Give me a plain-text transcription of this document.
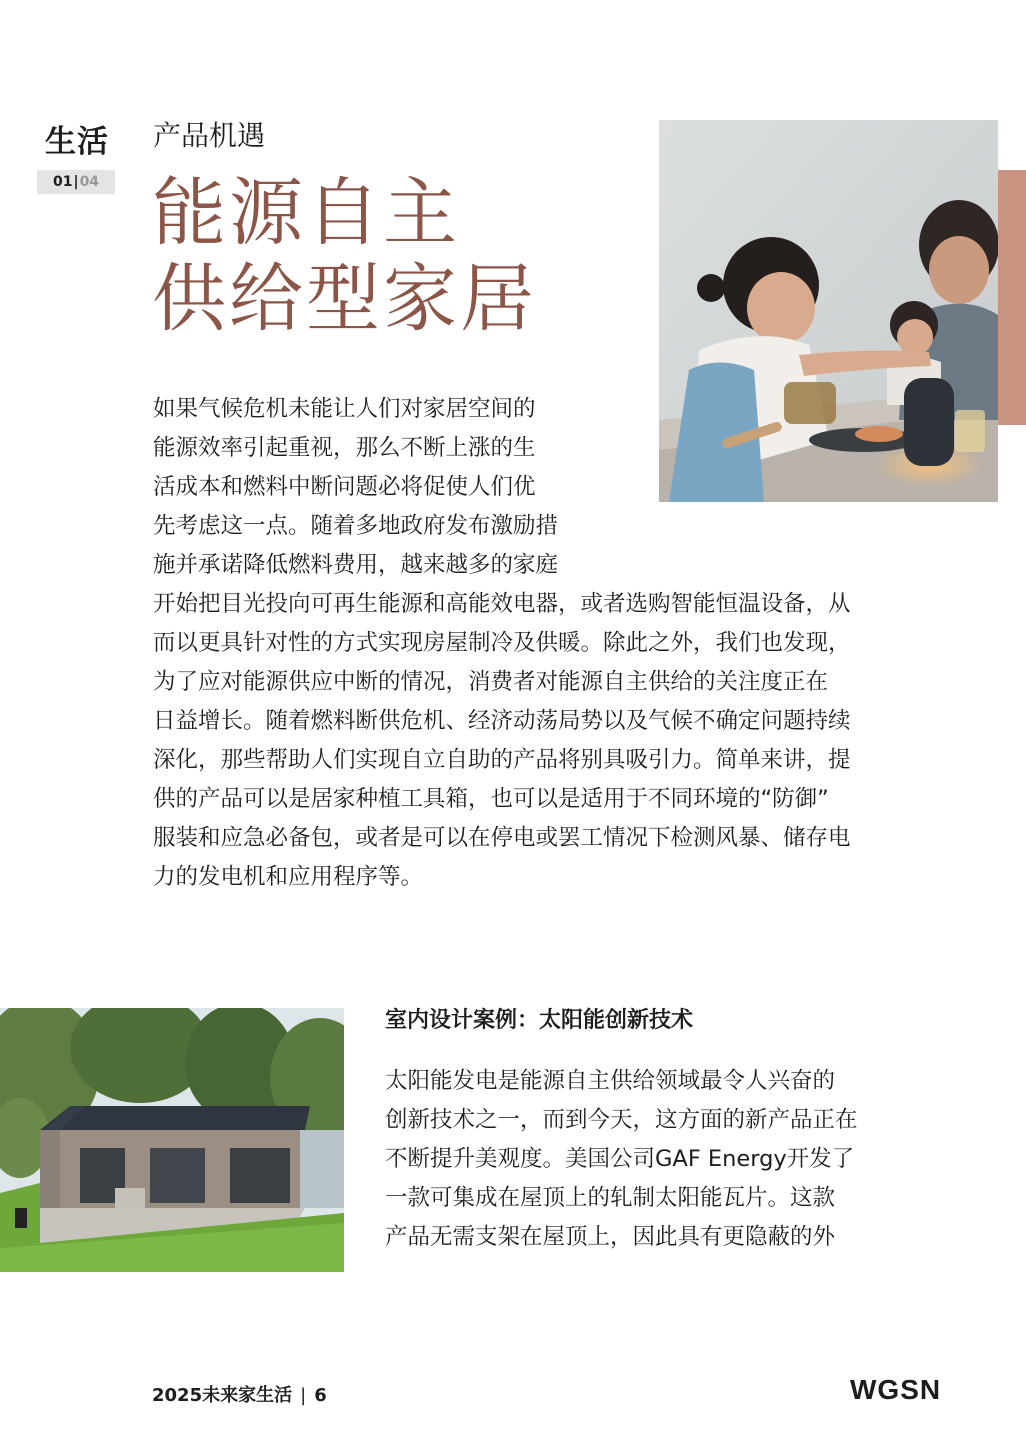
生活
01|04
产品机遇
能源自主
供给型家居
如果气候危机未能让人们对家居空间的
能源效率引起重视，那么不断上涨的生
活成本和燃料中断问题必将促使人们优
先考虑这一点。随着多地政府发布激励措
施并承诺降低燃料费用，越来越多的家庭
开始把目光投向可再生能源和高能效电器，或者选购智能恒温设备，从
而以更具针对性的方式实现房屋制冷及供暖。除此之外，我们也发现，
为了应对能源供应中断的情况，消费者对能源自主供给的关注度正在
日益增长。随着燃料断供危机、经济动荡局势以及气候不确定问题持续
深化，那些帮助人们实现自立自助的产品将别具吸引力。简单来讲，提
供的产品可以是居家种植工具箱，也可以是适用于不同环境的“防御”
服装和应急必备包，或者是可以在停电或罢工情况下检测风暴、储存电
力的发电机和应用程序等。
室内设计案例：太阳能创新技术
太阳能发电是能源自主供给领域最令人兴奋的
创新技术之一，而到今天，这方面的新产品正在
不断提升美观度。美国公司GAF Energy开发了
一款可集成在屋顶上的轧制太阳能瓦片。这款
产品无需支架在屋顶上，因此具有更隐蔽的外
2025未来家生活 | 6	WGSN
